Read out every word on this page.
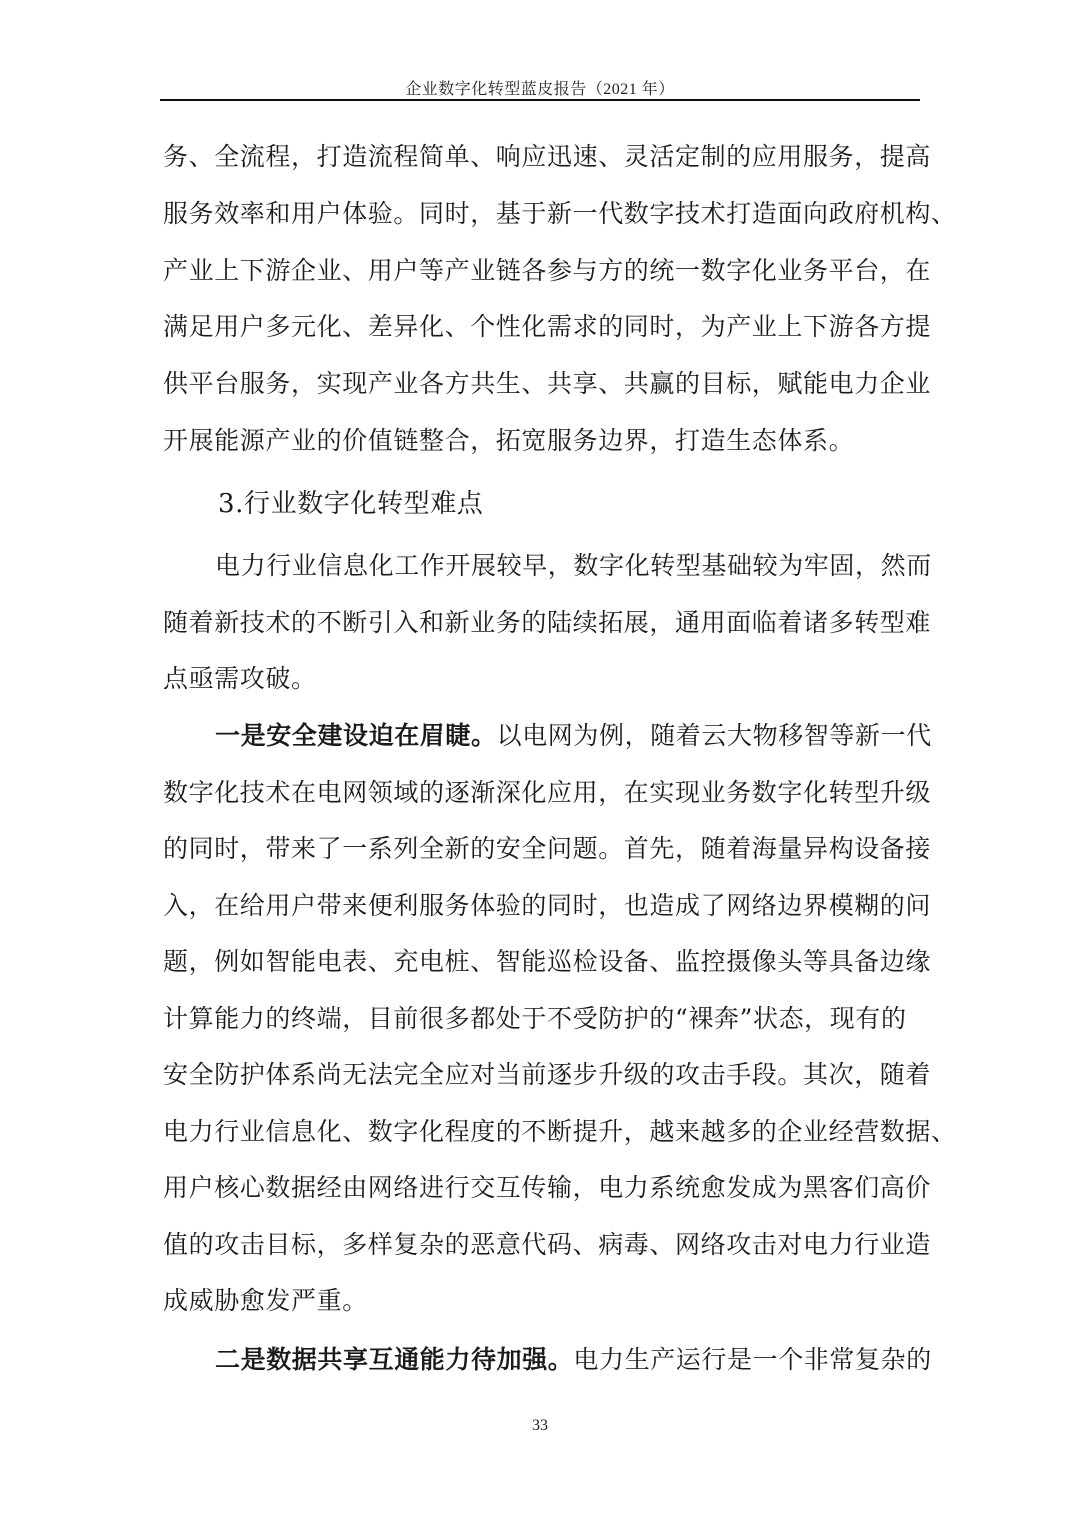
企业数字化转型蓝皮报告（2021 年）
务、全流程，打造流程简单、响应迅速、灵活定制的应用服务，提高
服务效率和用户体验。同时，基于新一代数字技术打造面向政府机构、
产业上下游企业、用户等产业链各参与方的统一数字化业务平台，在
满足用户多元化、差异化、个性化需求的同时，为产业上下游各方提
供平台服务，实现产业各方共生、共享、共赢的目标，赋能电力企业
开展能源产业的价值链整合，拓宽服务边界，打造生态体系。
3.行业数字化转型难点
电力行业信息化工作开展较早，数字化转型基础较为牢固，然而
随着新技术的不断引入和新业务的陆续拓展，通用面临着诸多转型难
点亟需攻破。
一是安全建设迫在眉睫。以电网为例，随着云大物移智等新一代
数字化技术在电网领域的逐渐深化应用，在实现业务数字化转型升级
的同时，带来了一系列全新的安全问题。首先，随着海量异构设备接
入，在给用户带来便利服务体验的同时，也造成了网络边界模糊的问
题，例如智能电表、充电桩、智能巡检设备、监控摄像头等具备边缘
计算能力的终端，目前很多都处于不受防护的“裸奔”状态，现有的
安全防护体系尚无法完全应对当前逐步升级的攻击手段。其次，随着
电力行业信息化、数字化程度的不断提升，越来越多的企业经营数据、
用户核心数据经由网络进行交互传输，电力系统愈发成为黑客们高价
值的攻击目标，多样复杂的恶意代码、病毒、网络攻击对电力行业造
成威胁愈发严重。
二是数据共享互通能力待加强。电力生产运行是一个非常复杂的
33
